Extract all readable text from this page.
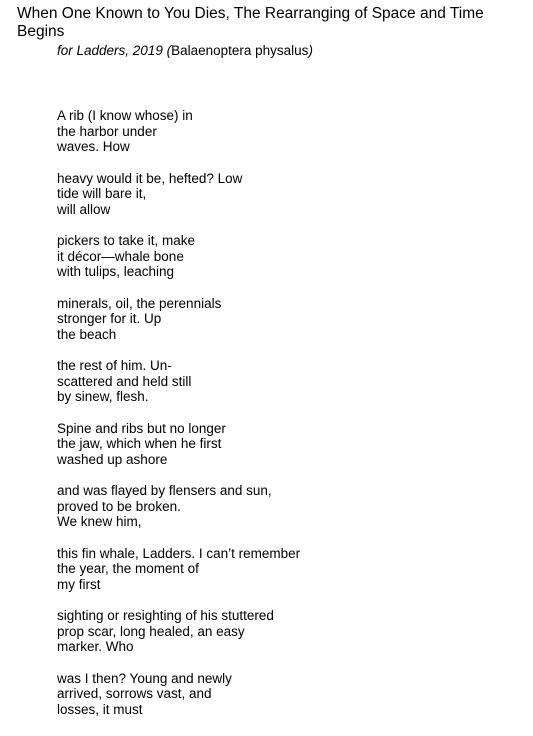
When One Known to You Dies, The Rearranging of Space and Time Begins

for Ladders, 2019 (Balaenoptera physalus)

A rib (I know whose) in
the harbor under
waves. How
heavy would it be, hefted? Low
tide will bare it,
will allow
pickers to take it, make
it décor—whale bone
with tulips, leaching
minerals, oil, the perennials
stronger for it. Up
the beach
the rest of him. Un-
scattered and held still
by sinew, flesh.
Spine and ribs but no longer
the jaw, which when he first
washed up ashore
and was flayed by flensers and sun,
proved to be broken.
We knew him,
this fin whale, Ladders. I can’t remember
the year, the moment of
my first
sighting or resighting of his stuttered
prop scar, long healed, an easy
marker. Who
was I then? Young and newly
arrived, sorrows vast, and
losses, it must
